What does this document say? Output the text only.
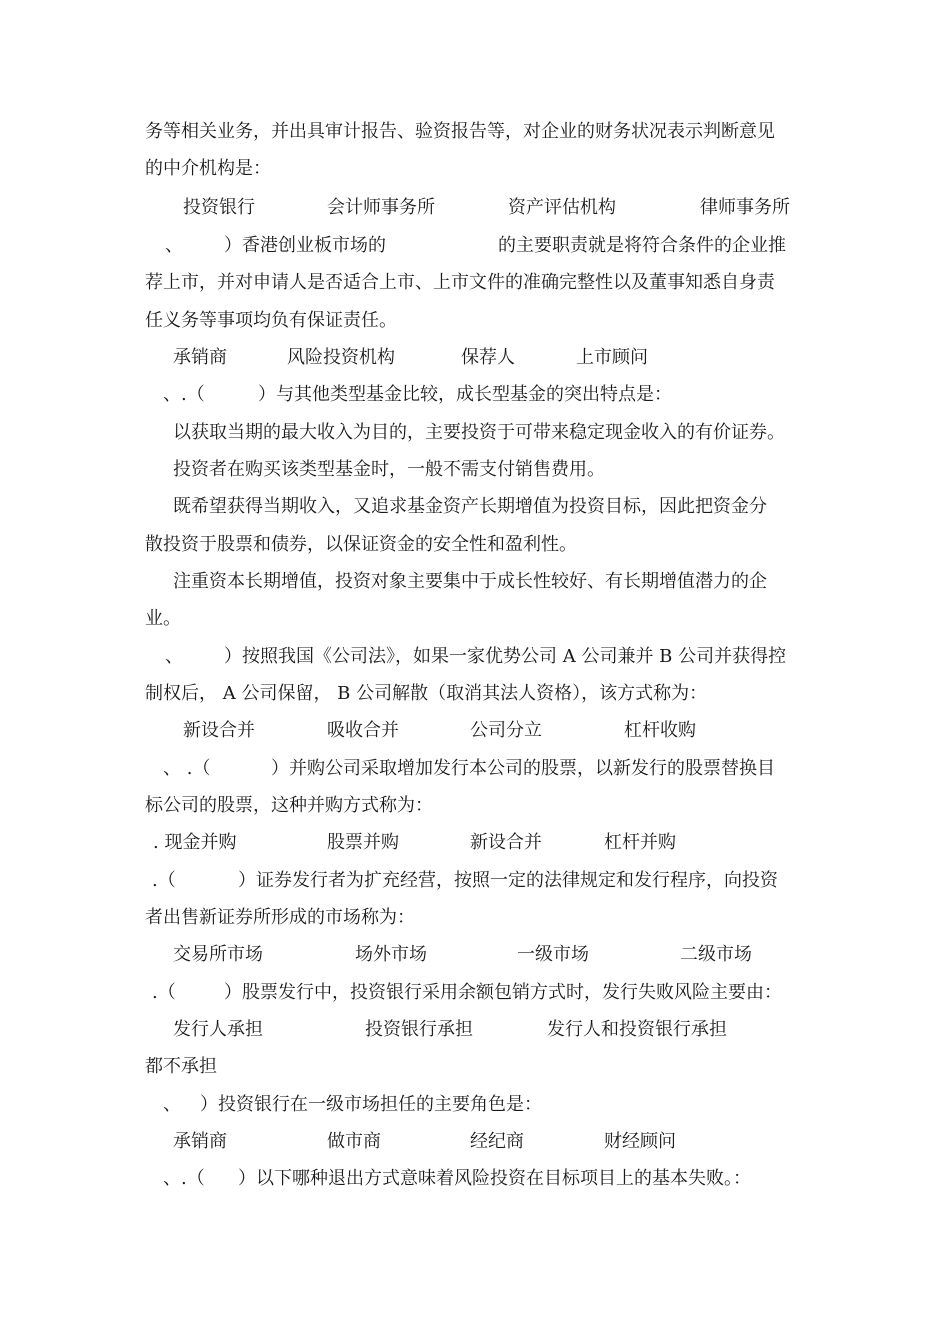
务等相关业务，并出具审计报告、验资报告等，对企业的财务状况表示判断意见
的中介机构是：
投资银行	会计师事务所	资产评估机构	律师事务所
、 ）香港创业板市场的	的主要职责就是将符合条件的企业推
荐上市，并对申请人是否适合上市、上市文件的准确完整性以及董事知悉自身责
任义务等事项均负有保证责任。
承销商	风险投资机构	保荐人	上市顾问
、.（	）与其他类型基金比较，成长型基金的突出特点是：
以获取当期的最大收入为目的，主要投资于可带来稳定现金收入的有价证券。
投资者在购买该类型基金时，一般不需支付销售费用。
既希望获得当期收入，又追求基金资产长期增值为投资目标，因此把资金分
散投资于股票和债券，以保证资金的安全性和盈利性。
注重资本长期增值，投资对象主要集中于成长性较好、有长期增值潜力的企
业。
、 ）按照我国《公司法》，如果一家优势公司 A 公司兼并 B 公司并获得控
制权后， A 公司保留， B 公司解散（取消其法人资格），该方式称为：
新设合并	吸收合并	公司分立	杠杆收购
、 .（	）并购公司采取增加发行本公司的股票，以新发行的股票替换目
标公司的股票，这种并购方式称为：
. 现金并购	股票并购	新设合并	杠杆并购
.（	）证券发行者为扩充经营，按照一定的法律规定和发行程序，向投资
者出售新证券所形成的市场称为：
交易所市场	场外市场	一级市场	二级市场
.（	）股票发行中，投资银行采用余额包销方式时，发行失败风险主要由：
发行人承担	投资银行承担	发行人和投资银行承担
都不承担
、 ）投资银行在一级市场担任的主要角色是：
承销商	做市商	经纪商	财经顾问
、.（ ）以下哪种退出方式意味着风险投资在目标项目上的基本失败。：
